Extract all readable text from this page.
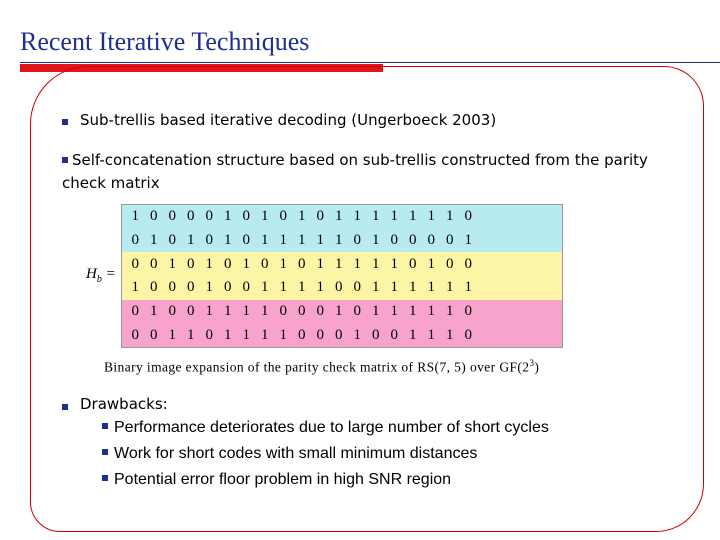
Recent Iterative Techniques
Sub-trellis based iterative decoding (Ungerboeck 2003)
Self-concatenation structure based on sub-trellis constructed from the parity check matrix
$H_b$ =
1 0 0 0 0 1 0 1 0 1 0 1 1 1 1 1 1 1 0
0 1 0 1 0 1 0 1 1 1 1 1 0 1 0 0 0 0 1
0 0 1 0 1 0 1 0 1 0 1 1 1 1 1 0 1 0 0
1 0 0 0 1 0 0 1 1 1 1 0 0 1 1 1 1 1 1
0 1 0 0 1 1 1 1 0 0 0 1 0 1 1 1 1 1 0
0 0 1 1 0 1 1 1 1 0 0 0 1 0 0 1 1 1 0
Binary image expansion of the parity check matrix of RS(7, 5) over $GF(2^3)$
Drawbacks:
Performance deteriorates due to large number of short cycles
Work for short codes with small minimum distances
Potential error floor problem in high SNR region
